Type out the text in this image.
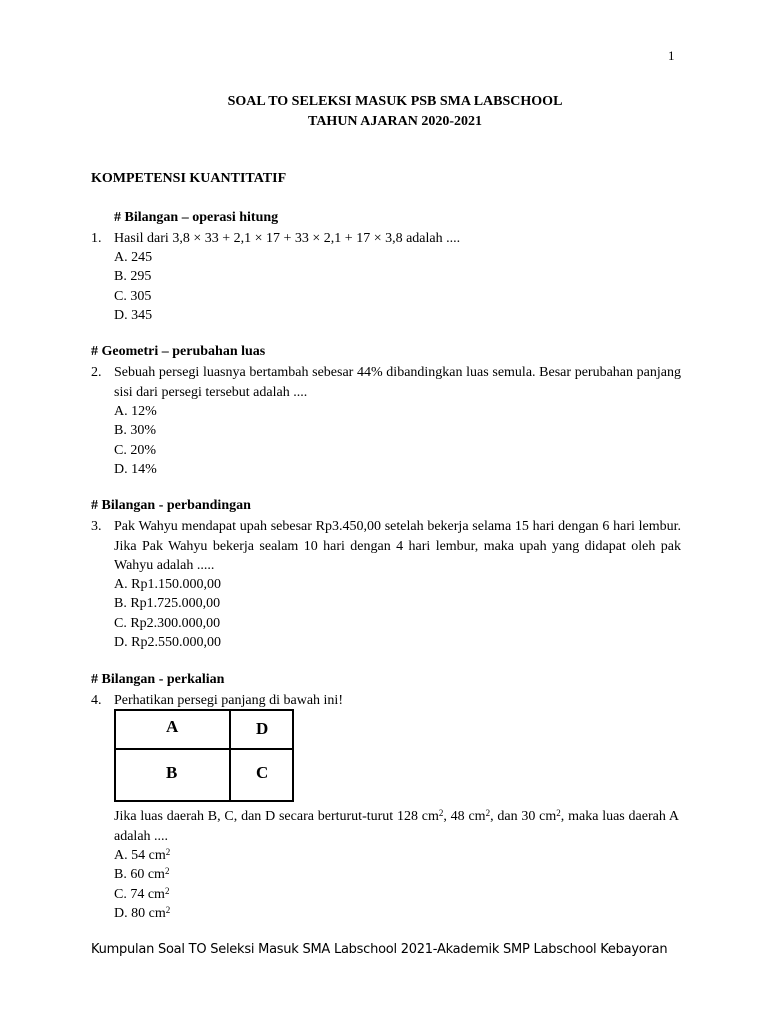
1
SOAL TO SELEKSI MASUK PSB SMA LABSCHOOL
TAHUN AJARAN 2020-2021
KOMPETENSI KUANTITATIF
# Bilangan – operasi hitung
1. Hasil dari 3,8 × 33 + 2,1 × 17 + 33 × 2,1 + 17 × 3,8 adalah ....
A. 245
B. 295
C. 305
D. 345
# Geometri – perubahan luas
2. Sebuah persegi luasnya bertambah sebesar 44% dibandingkan luas semula. Besar perubahan panjang sisi dari persegi tersebut adalah ....
A. 12%
B. 30%
C. 20%
D. 14%
# Bilangan - perbandingan
3. Pak Wahyu mendapat upah sebesar Rp3.450,00 setelah bekerja selama 15 hari dengan 6 hari lembur. Jika Pak Wahyu bekerja sealam 10 hari dengan 4 hari lembur, maka upah yang didapat oleh pak Wahyu adalah .....
A. Rp1.150.000,00
B. Rp1.725.000,00
C. Rp2.300.000,00
D. Rp2.550.000,00
# Bilangan - perkalian
4. Perhatikan persegi panjang di bawah ini!
A	D
B	C
Jika luas daerah B, C, dan D secara berturut-turut 128 $cm^2$, 48 $cm^2$, dan 30 $cm^2$, maka luas daerah A adalah ....
A. 54 $cm^2$
B. 60 $cm^2$
C. 74 $cm^2$
D. 80 $cm^2$
Kumpulan Soal TO Seleksi Masuk SMA Labschool 2021-Akademik SMP Labschool Kebayoran
